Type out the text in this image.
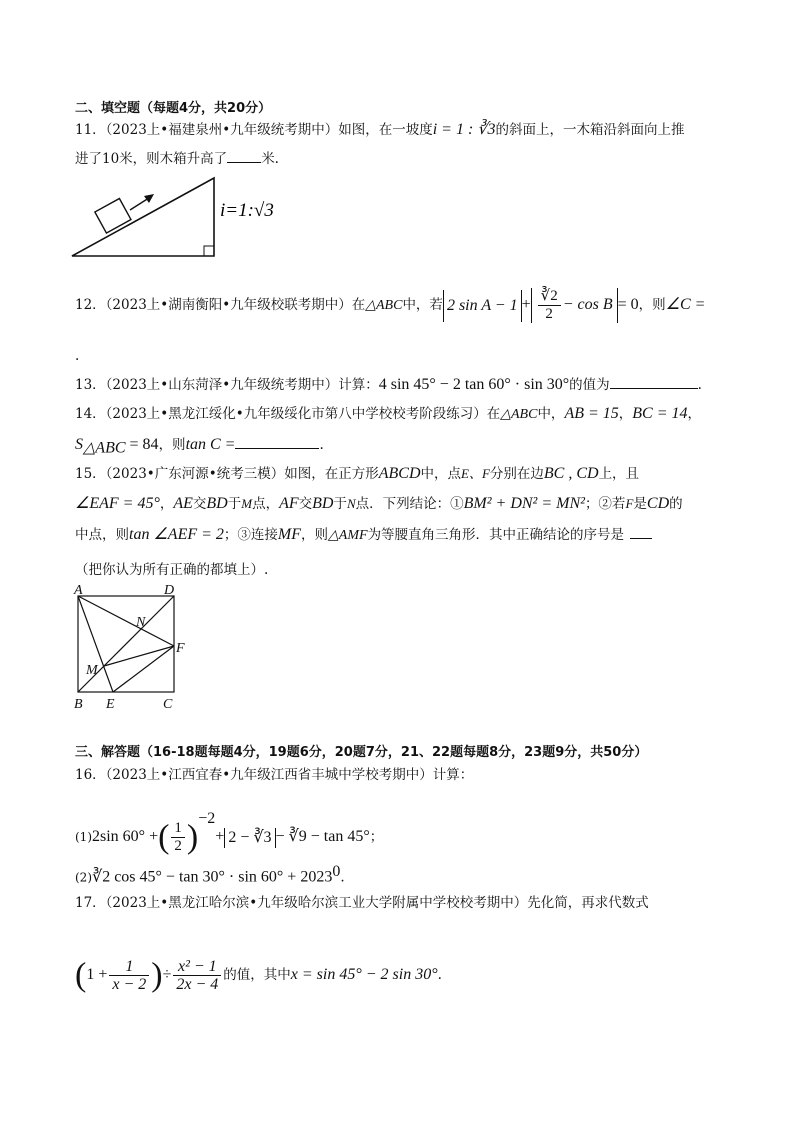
二、填空题（每题4分，共20分）
11．（2023上•福建泉州•九年级统考期中）如图，在一坡度i = 1 : ∛3的斜面上，一木箱沿斜面向上推
进了10米，则木箱升高了	米.
i=1:√3
12．（2023上•湖南衡阳•九年级校联考期中）在△ABC中，若 2 $\sin A - 1 + \frac{∛2}{2} - \cos B = 0$，则∠C =
.
13．（2023上•山东菏泽•九年级统考期中）计算：4 sin 45° − 2 tan 60° · sin 30°的值为	.
14．（2023上•黑龙江绥化•九年级绥化市第八中学校校考阶段练习）在△ABC中，AB = 15，BC = 14，
$S_{\triangle ABC} = 84$，则tan C =	.
15．（2023•广东河源•统考三模）如图，在正方形ABCD中，点E、F分别在边BC , CD上，且
∠EAF = 45°，AE交BD于M点，AF交BD于N点．下列结论：①BM² + DN² = MN²；②若F是CD的
中点，则tan ∠AEF = 2；③连接MF，则△AMF为等腰直角三角形．其中正确结论的序号是
（把你认为所有正确的都填上）.
A	D
B	C
E
F
M
N
三、解答题（16-18题每题4分，19题6分，20题7分，21、22题每题8分，23题9分，共50分）
16．（2023上•江西宜春•九年级江西省丰城中学校考期中）计算：
(1)2sin 60° +( $\frac{1}{2} )^{-2}+ 2$ − ∛3 − ∛9 − tan 45°；
(2)∛2 $\cos 45^\circ - \tan 30^\circ \cdot \sin 60^\circ + 2023^0$.
17．（2023上•黑龙江哈尔滨•九年级哈尔滨工业大学附属中学校校考期中）先化简，再求代数式
($1 + \frac{1}{x - 2}$ )÷ $\frac{\text{x² − 1}}{2x - 4}$ 的值，其中x = sin 45° − 2 sin 30°.
